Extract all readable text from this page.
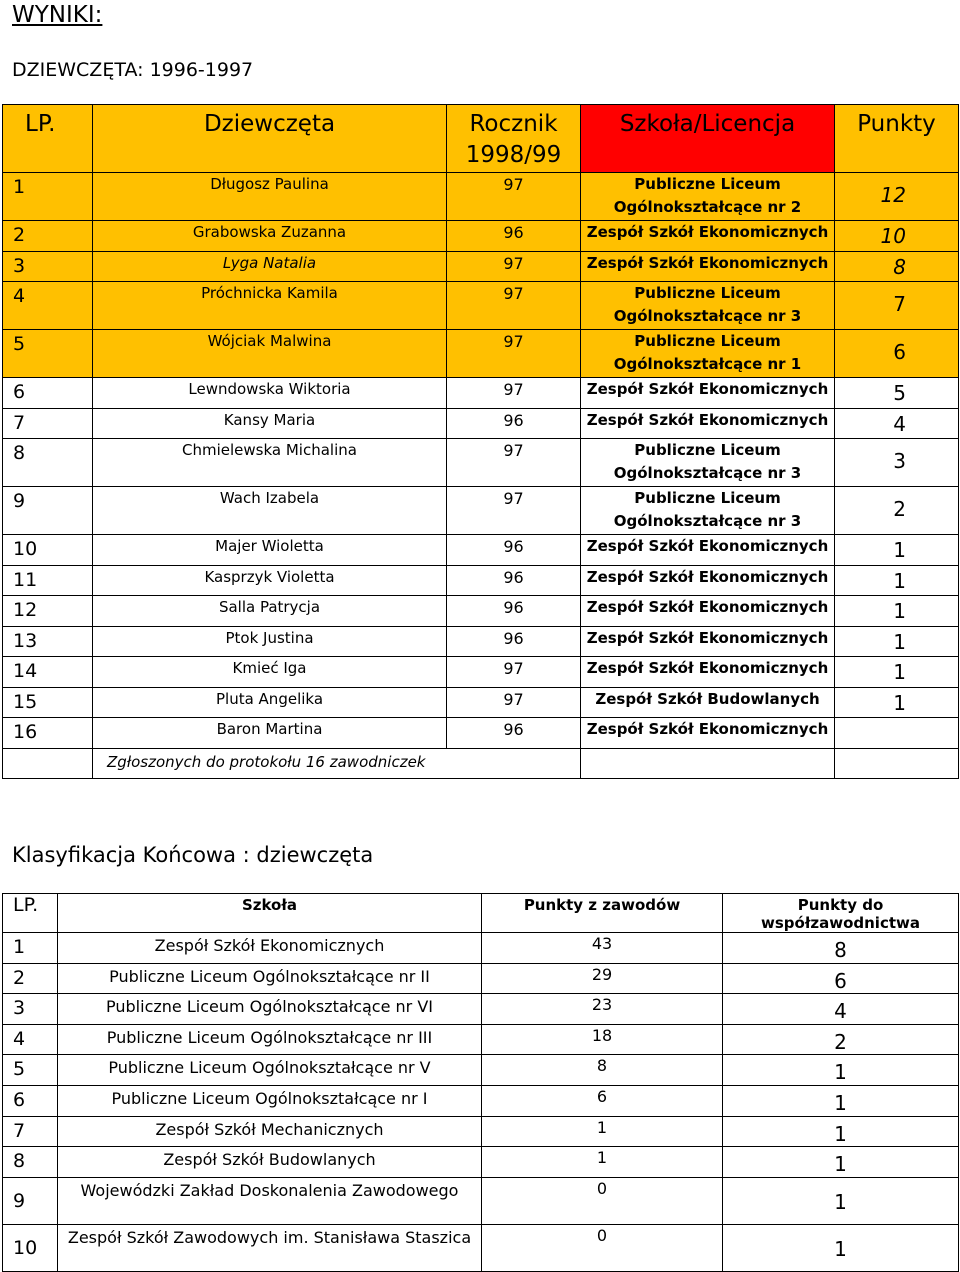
WYNIKI:
DZIEWCZĘTA: 1996-1997
LP.	Dziewczęta	Rocznik 1998/99	Szkoła/Licencja	Punkty
1	Długosz Paulina	97	Publiczne Liceum Ogólnokształcące nr 2	12
2	Grabowska Zuzanna	96	Zespół Szkół Ekonomicznych	10
3	Lyga Natalia	97	Zespół Szkół Ekonomicznych	8
4	Próchnicka Kamila	97	Publiczne Liceum Ogólnokształcące nr 3	7
5	Wójciak Malwina	97	Publiczne Liceum Ogólnokształcące nr 1	6
6	Lewndowska Wiktoria	97	Zespół Szkół Ekonomicznych	5
7	Kansy Maria	96	Zespół Szkół Ekonomicznych	4
8	Chmielewska Michalina	97	Publiczne Liceum Ogólnokształcące nr 3	3
9	Wach Izabela	97	Publiczne Liceum Ogólnokształcące nr 3	2
10	Majer Wioletta	96	Zespół Szkół Ekonomicznych	1
11	Kasprzyk Violetta	96	Zespół Szkół Ekonomicznych	1
12	Salla Patrycja	96	Zespół Szkół Ekonomicznych	1
13	Ptok Justina	96	Zespół Szkół Ekonomicznych	1
14	Kmieć Iga	97	Zespół Szkół Ekonomicznych	1
15	Pluta Angelika	97	Zespół Szkół Budowlanych	1
16	Baron Martina	96	Zespół Szkół Ekonomicznych	
	Zgłoszonych do protokołu 16 zawodniczek			
Klasyfikacja Końcowa : dziewczęta
LP.	Szkoła	Punkty z zawodów	Punkty do współzawodnictwa
1	Zespół Szkół Ekonomicznych	43	8
2	Publiczne Liceum Ogólnokształcące nr II	29	6
3	Publiczne Liceum Ogólnokształcące nr VI	23	4
4	Publiczne Liceum Ogólnokształcące nr III	18	2
5	Publiczne Liceum Ogólnokształcące nr V	8	1
6	Publiczne Liceum Ogólnokształcące nr I	6	1
7	Zespół Szkół Mechanicznych	1	1
8	Zespół Szkół Budowlanych	1	1
9	Wojewódzki Zakład Doskonalenia Zawodowego	0	1
10	Zespół Szkół Zawodowych im. Stanisława Staszica	0	1
